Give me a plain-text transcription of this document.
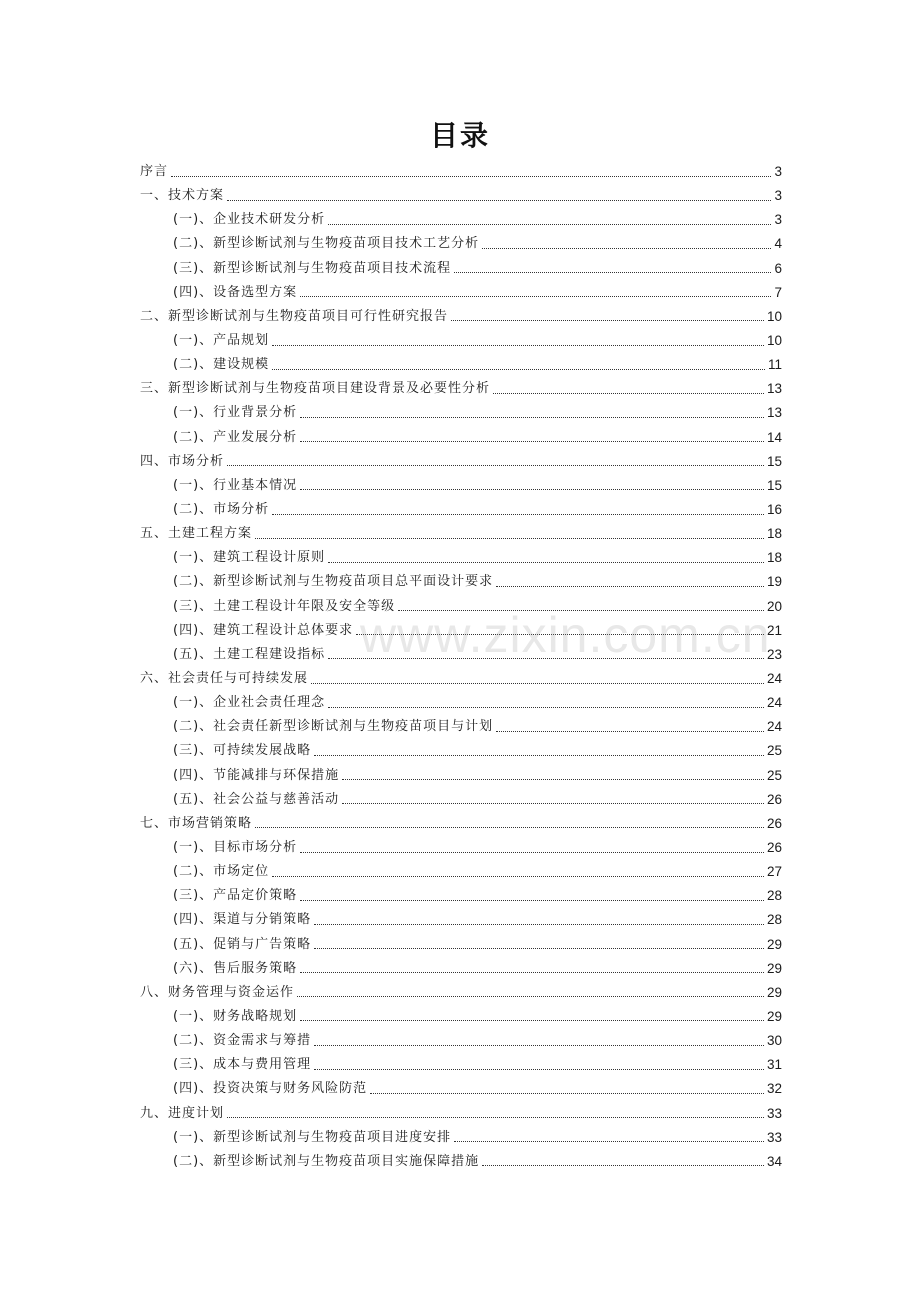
目录
序言	3
一、技术方案	3
(一)、企业技术研发分析	3
(二)、新型诊断试剂与生物疫苗项目技术工艺分析	4
(三)、新型诊断试剂与生物疫苗项目技术流程	6
(四)、设备选型方案	7
二、新型诊断试剂与生物疫苗项目可行性研究报告	10
(一)、产品规划	10
(二)、建设规模	11
三、新型诊断试剂与生物疫苗项目建设背景及必要性分析	13
(一)、行业背景分析	13
(二)、产业发展分析	14
四、市场分析	15
(一)、行业基本情况	15
(二)、市场分析	16
五、土建工程方案	18
(一)、建筑工程设计原则	18
(二)、新型诊断试剂与生物疫苗项目总平面设计要求	19
(三)、土建工程设计年限及安全等级	20
(四)、建筑工程设计总体要求	21
(五)、土建工程建设指标	23
六、社会责任与可持续发展	24
(一)、企业社会责任理念	24
(二)、社会责任新型诊断试剂与生物疫苗项目与计划	24
(三)、可持续发展战略	25
(四)、节能减排与环保措施	25
(五)、社会公益与慈善活动	26
七、市场营销策略	26
(一)、目标市场分析	26
(二)、市场定位	27
(三)、产品定价策略	28
(四)、渠道与分销策略	28
(五)、促销与广告策略	29
(六)、售后服务策略	29
八、财务管理与资金运作	29
(一)、财务战略规划	29
(二)、资金需求与筹措	30
(三)、成本与费用管理	31
(四)、投资决策与财务风险防范	32
九、进度计划	33
(一)、新型诊断试剂与生物疫苗项目进度安排	33
(二)、新型诊断试剂与生物疫苗项目实施保障措施	34
www.zixin.com.cn
